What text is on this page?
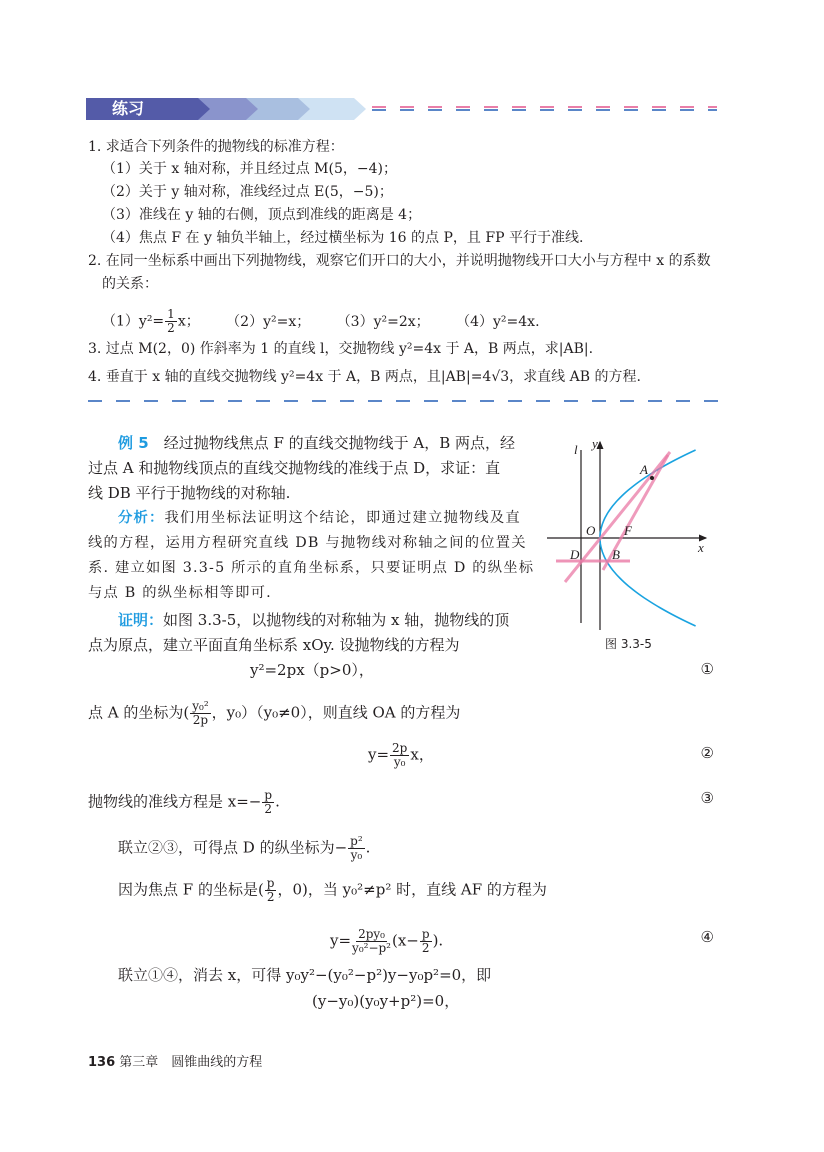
练习
1. 求适合下列条件的抛物线的标准方程：
（1）关于 x 轴对称，并且经过点 M(5，−4)；
（2）关于 y 轴对称，准线经过点 E(5，−5)；
（3）准线在 y 轴的右侧，顶点到准线的距离是 4；
（4）焦点 F 在 y 轴负半轴上，经过横坐标为 16 的点 P，且 FP 平行于准线.
2. 在同一坐标系中画出下列抛物线，观察它们开口的大小，并说明抛物线开口大小与方程中 x 的系数
的关系：
$(1)y^2= \frac{1}{2}$ x； （2）y²=x； （3）y²=2x； （4）y²=4x.
3. 过点 M(2，0) 作斜率为 1 的直线 l，交抛物线 y²=4x 于 A，B 两点，求|AB|.
4. 垂直于 x 轴的直线交抛物线 y²=4x 于 A，B 两点，且|AB|=4√3，求直线 AB 的方程.
例 5　 经过抛物线焦点 F 的直线交抛物线于 A，B 两点，经
过点 A 和抛物线顶点的直线交抛物线的准线于点 D，求证：直
线 DB 平行于抛物线的对称轴.
分析：我们用坐标法证明这个结论，即通过建立抛物线及直
线的方程，运用方程研究直线 DB 与抛物线对称轴之间的位置关
系. 建立如图 3.3-5 所示的直角坐标系，只要证明点 D 的纵坐标
与点 B 的纵坐标相等即可.
证明：如图 3.3-5，以抛物线的对称轴为 x 轴，抛物线的顶
点为原点，建立平面直角坐标系 xOy. 设抛物线的方程为
y²=2px（p>0），	①
点 A 的坐标为( $\frac{\text{y₀²}}{2p}$ ，y₀）（y₀≠0），则直线 OA 的方程为
$y= \frac{2p}{\text{y₀}}$ x，	②
抛物线的准线方程是 $x=- \frac{p}{2}$ .	③
联立②③，可得点 D 的纵坐标为− $\frac{\text{p²}}{\text{y₀}}$ .
因为焦点 F 的坐标是( $\frac{p}{2}$ ，0)，当 y₀²≠p² 时，直线 AF 的方程为
$y= \frac{\text{2py₀}}{\text{y₀²−p²}} (x- \frac{p}{2}$ ).	④
联立①④，消去 x，可得 y₀y²−(y₀²−p²)y−y₀p²=0，即
(y−y₀)(y₀y+p²)=0，
l y
x
A
O F
D	B
图 3.3-5
136 第三章　圆锥曲线的方程
